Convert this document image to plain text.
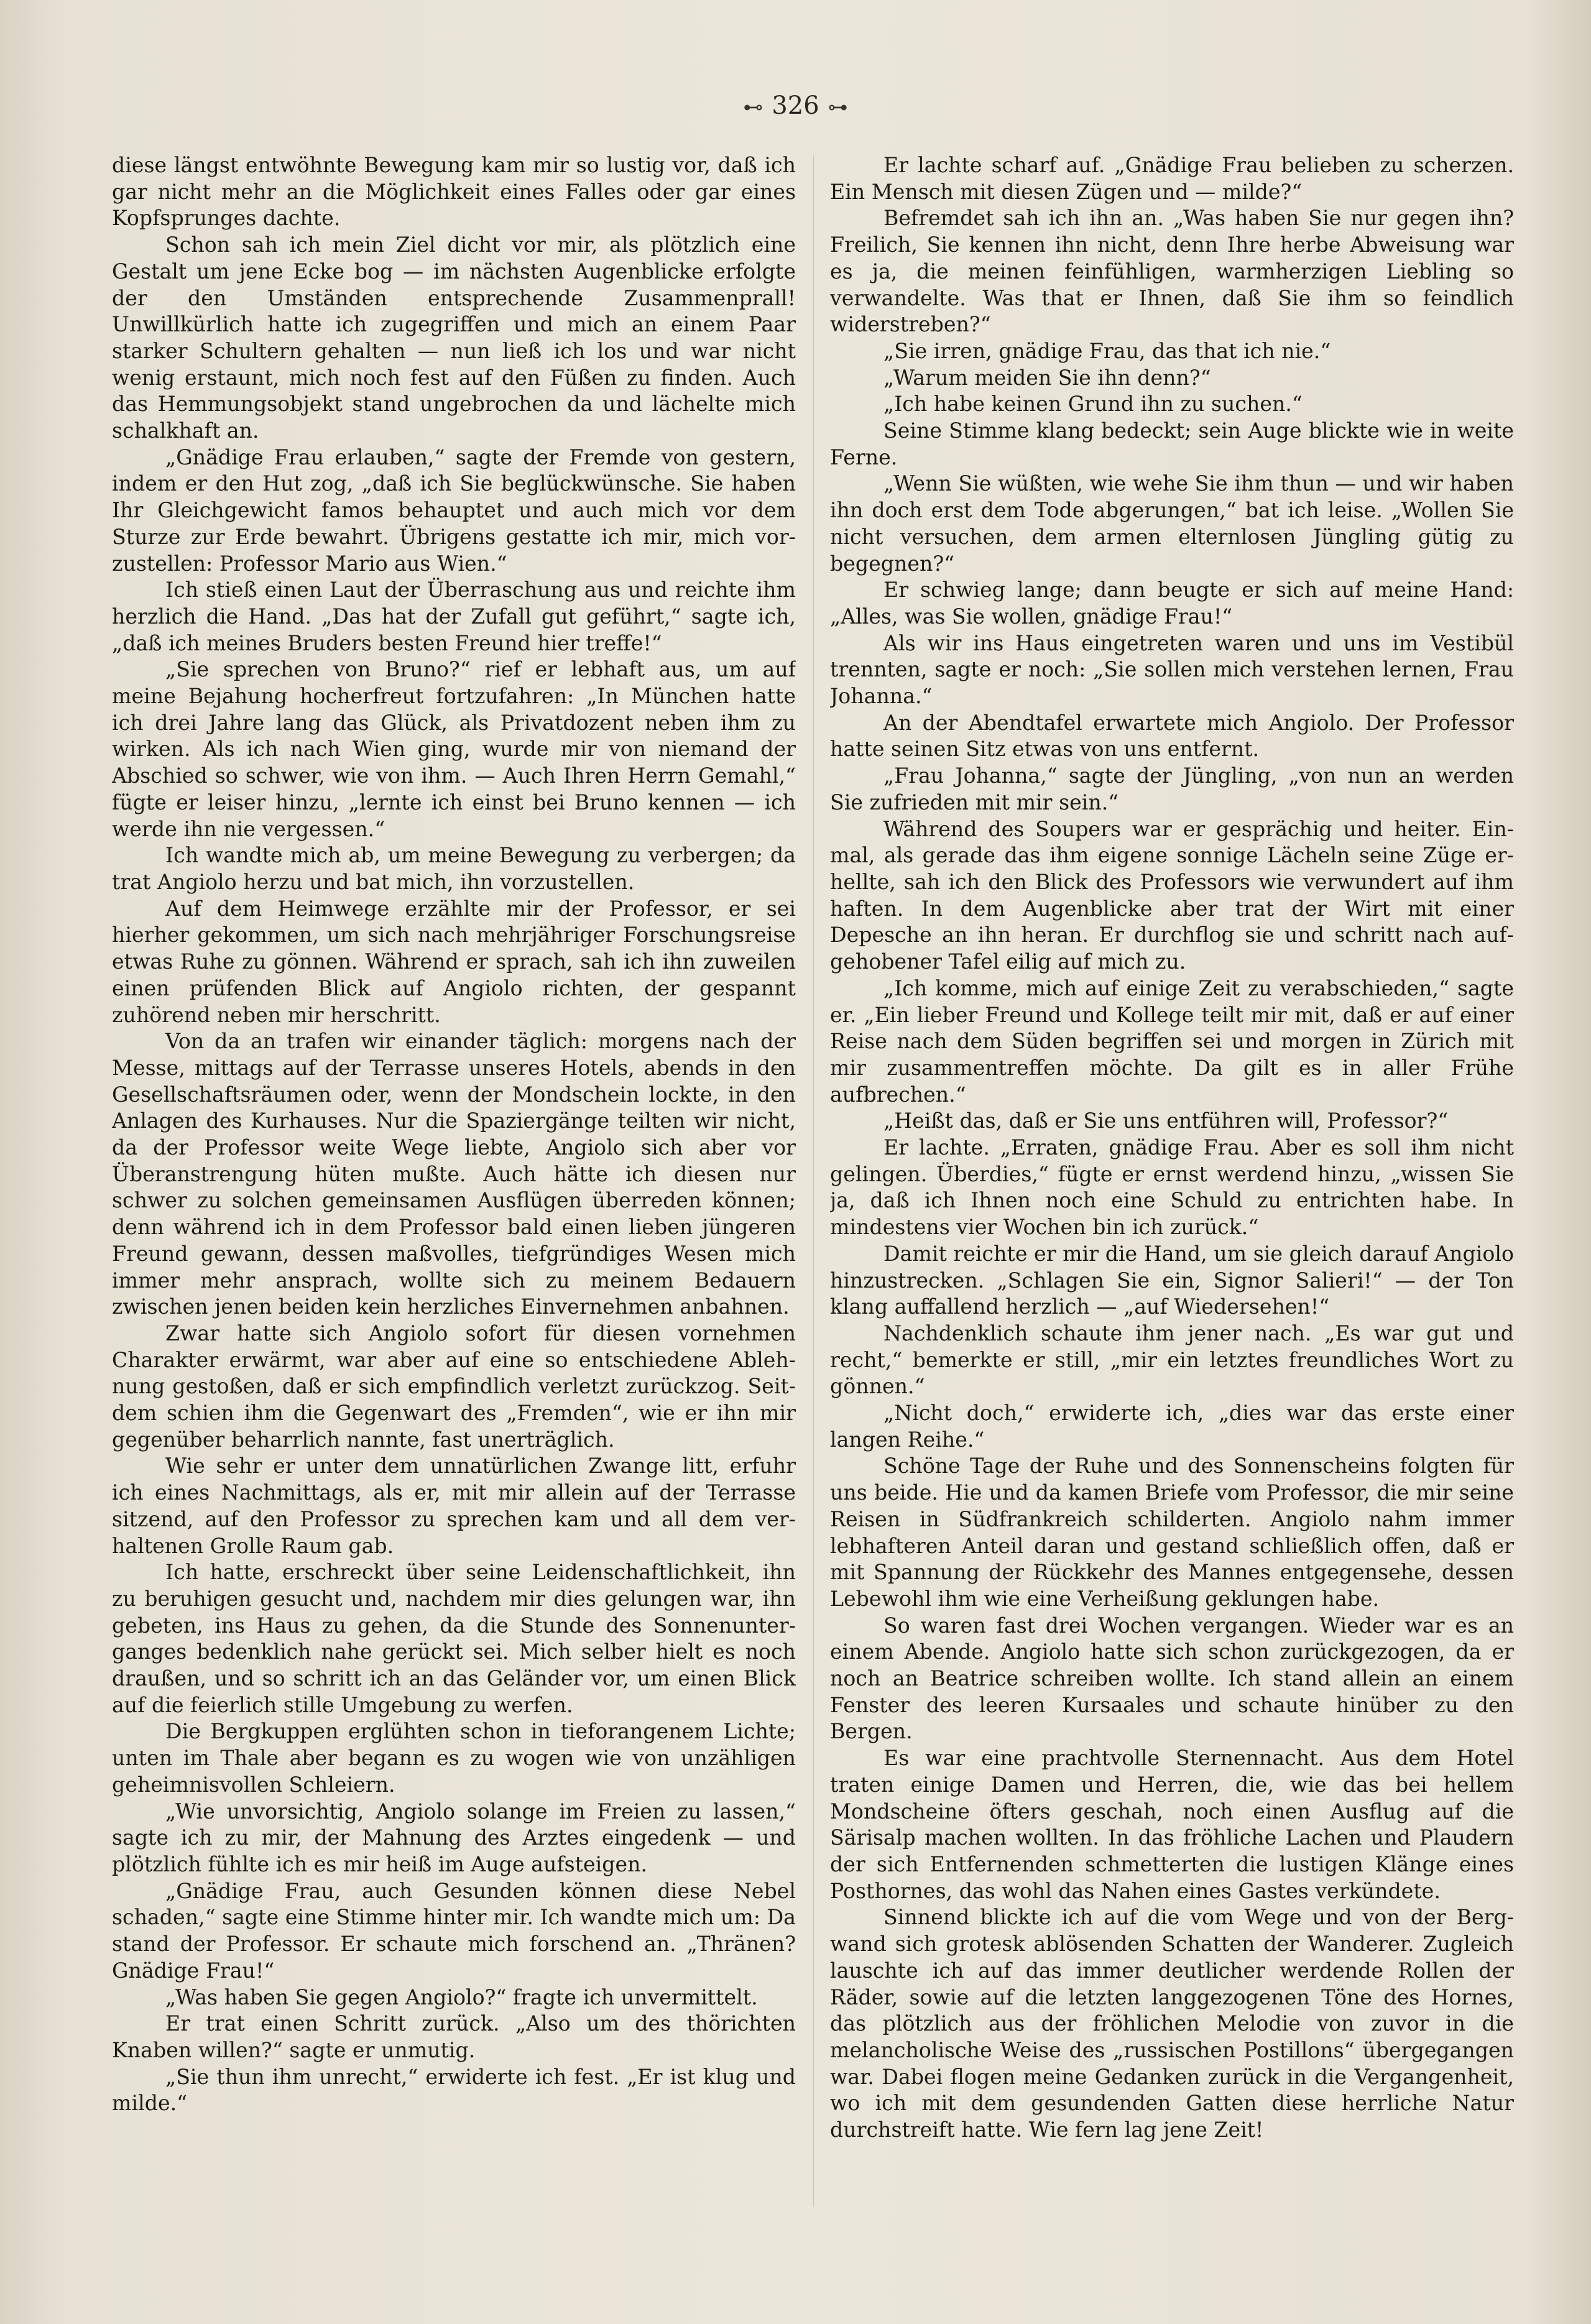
⊷ 326 ⊶

diese längst entwöhnte Bewegung kam mir so lustig vor, daß ich gar nicht mehr an die Möglichkeit eines Falles oder gar eines Kopfsprunges dachte.

Schon sah ich mein Ziel dicht vor mir, als plötzlich eine Gestalt um jene Ecke bog — im nächsten Augenblicke erfolgte der den Umständen entsprechende Zusammenprall! Unwillkürlich hatte ich zugegriffen und mich an einem Paar starker Schultern gehalten — nun ließ ich los und war nicht wenig erstaunt, mich noch fest auf den Füßen zu finden. Auch das Hemmungsobjekt stand ungebrochen da und lächelte mich schalkhaft an.

„Gnädige Frau erlauben,“ sagte der Fremde von gestern, indem er den Hut zog, „daß ich Sie beglückwünsche. Sie haben Ihr Gleichgewicht famos behauptet und auch mich vor dem Sturze zur Erde bewahrt. Übrigens gestatte ich mir, mich vorzustellen: Professor Mario aus Wien.“

Ich stieß einen Laut der Überraschung aus und reichte ihm herzlich die Hand. „Das hat der Zufall gut geführt,“ sagte ich, „daß ich meines Bruders besten Freund hier treffe!“

„Sie sprechen von Bruno?“ rief er lebhaft aus, um auf meine Bejahung hocherfreut fortzufahren: „In München hatte ich drei Jahre lang das Glück, als Privatdozent neben ihm zu wirken. Als ich nach Wien ging, wurde mir von niemand der Abschied so schwer, wie von ihm. — Auch Ihren Herrn Gemahl,“ fügte er leiser hinzu, „lernte ich einst bei Bruno kennen — ich werde ihn nie vergessen.“

Ich wandte mich ab, um meine Bewegung zu verbergen; da trat Angiolo herzu und bat mich, ihn vorzustellen.

Auf dem Heimwege erzählte mir der Professor, er sei hierher gekommen, um sich nach mehrjähriger Forschungsreise etwas Ruhe zu gönnen. Während er sprach, sah ich ihn zuweilen einen prüfenden Blick auf Angiolo richten, der gespannt zuhörend neben mir herschritt.

Von da an trafen wir einander täglich: morgens nach der Messe, mittags auf der Terrasse unseres Hotels, abends in den Gesellschaftsräumen oder, wenn der Mondschein lockte, in den Anlagen des Kurhauses. Nur die Spaziergänge teilten wir nicht, da der Professor weite Wege liebte, Angiolo sich aber vor Überanstrengung hüten mußte. Auch hätte ich diesen nur schwer zu solchen gemeinsamen Ausflügen überreden können; denn während ich in dem Professor bald einen lieben jüngeren Freund gewann, dessen maßvolles, tiefgründiges Wesen mich immer mehr ansprach, wollte sich zu meinem Bedauern zwischen jenen beiden kein herzliches Einvernehmen anbahnen.

Zwar hatte sich Angiolo sofort für diesen vornehmen Charakter erwärmt, war aber auf eine so entschiedene Ablehnung gestoßen, daß er sich empfindlich verletzt zurückzog. Seitdem schien ihm die Gegenwart des „Fremden“, wie er ihn mir gegenüber beharrlich nannte, fast unerträglich.

Wie sehr er unter dem unnatürlichen Zwange litt, erfuhr ich eines Nachmittags, als er, mit mir allein auf der Terrasse sitzend, auf den Professor zu sprechen kam und all dem verhaltenen Grolle Raum gab.

Ich hatte, erschreckt über seine Leidenschaftlichkeit, ihn zu beruhigen gesucht und, nachdem mir dies gelungen war, ihn gebeten, ins Haus zu gehen, da die Stunde des Sonnenunterganges bedenklich nahe gerückt sei. Mich selber hielt es noch draußen, und so schritt ich an das Geländer vor, um einen Blick auf die feierlich stille Umgebung zu werfen.

Die Bergkuppen erglühten schon in tieforangenem Lichte; unten im Thale aber begann es zu wogen wie von unzähligen geheimnisvollen Schleiern.

„Wie unvorsichtig, Angiolo solange im Freien zu lassen,“ sagte ich zu mir, der Mahnung des Arztes eingedenk — und plötzlich fühlte ich es mir heiß im Auge aufsteigen.

„Gnädige Frau, auch Gesunden können diese Nebel schaden,“ sagte eine Stimme hinter mir. Ich wandte mich um: Da stand der Professor. Er schaute mich forschend an. „Thränen? Gnädige Frau!“

„Was haben Sie gegen Angiolo?“ fragte ich unvermittelt.

Er trat einen Schritt zurück. „Also um des thörichten Knaben willen?“ sagte er unmutig.

„Sie thun ihm unrecht,“ erwiderte ich fest. „Er ist klug und milde.“

Er lachte scharf auf. „Gnädige Frau belieben zu scherzen. Ein Mensch mit diesen Zügen und — milde?“

Befremdet sah ich ihn an. „Was haben Sie nur gegen ihn? Freilich, Sie kennen ihn nicht, denn Ihre herbe Abweisung war es ja, die meinen feinfühligen, warmherzigen Liebling so verwandelte. Was that er Ihnen, daß Sie ihm so feindlich widerstreben?“

„Sie irren, gnädige Frau, das that ich nie.“

„Warum meiden Sie ihn denn?“

„Ich habe keinen Grund ihn zu suchen.“

Seine Stimme klang bedeckt; sein Auge blickte wie in weite Ferne.

„Wenn Sie wüßten, wie wehe Sie ihm thun — und wir haben ihn doch erst dem Tode abgerungen,“ bat ich leise. „Wollen Sie nicht versuchen, dem armen elternlosen Jüngling gütig zu begegnen?“

Er schwieg lange; dann beugte er sich auf meine Hand: „Alles, was Sie wollen, gnädige Frau!“

Als wir ins Haus eingetreten waren und uns im Vestibül trennten, sagte er noch: „Sie sollen mich verstehen lernen, Frau Johanna.“

An der Abendtafel erwartete mich Angiolo. Der Professor hatte seinen Sitz etwas von uns entfernt.

„Frau Johanna,“ sagte der Jüngling, „von nun an werden Sie zufrieden mit mir sein.“

Während des Soupers war er gesprächig und heiter. Einmal, als gerade das ihm eigene sonnige Lächeln seine Züge erhellte, sah ich den Blick des Professors wie verwundert auf ihm haften. In dem Augenblicke aber trat der Wirt mit einer Depesche an ihn heran. Er durchflog sie und schritt nach aufgehobener Tafel eilig auf mich zu.

„Ich komme, mich auf einige Zeit zu verabschieden,“ sagte er. „Ein lieber Freund und Kollege teilt mir mit, daß er auf einer Reise nach dem Süden begriffen sei und morgen in Zürich mit mir zusammentreffen möchte. Da gilt es in aller Frühe aufbrechen.“

„Heißt das, daß er Sie uns entführen will, Professor?“

Er lachte. „Erraten, gnädige Frau. Aber es soll ihm nicht gelingen. Überdies,“ fügte er ernst werdend hinzu, „wissen Sie ja, daß ich Ihnen noch eine Schuld zu entrichten habe. In mindestens vier Wochen bin ich zurück.“

Damit reichte er mir die Hand, um sie gleich darauf Angiolo hinzustrecken. „Schlagen Sie ein, Signor Salieri!“ — der Ton klang auffallend herzlich — „auf Wiedersehen!“

Nachdenklich schaute ihm jener nach. „Es war gut und recht,“ bemerkte er still, „mir ein letztes freundliches Wort zu gönnen.“

„Nicht doch,“ erwiderte ich, „dies war das erste einer langen Reihe.“

Schöne Tage der Ruhe und des Sonnenscheins folgten für uns beide. Hie und da kamen Briefe vom Professor, die mir seine Reisen in Südfrankreich schilderten. Angiolo nahm immer lebhafteren Anteil daran und gestand schließlich offen, daß er mit Spannung der Rückkehr des Mannes entgegensehe, dessen Lebewohl ihm wie eine Verheißung geklungen habe.

So waren fast drei Wochen vergangen. Wieder war es an einem Abende. Angiolo hatte sich schon zurückgezogen, da er noch an Beatrice schreiben wollte. Ich stand allein an einem Fenster des leeren Kursaales und schaute hinüber zu den Bergen.

Es war eine prachtvolle Sternennacht. Aus dem Hotel traten einige Damen und Herren, die, wie das bei hellem Mondscheine öfters geschah, noch einen Ausflug auf die Särisalp machen wollten. In das fröhliche Lachen und Plaudern der sich Entfernenden schmetterten die lustigen Klänge eines Posthornes, das wohl das Nahen eines Gastes verkündete.

Sinnend blickte ich auf die vom Wege und von der Bergwand sich grotesk ablösenden Schatten der Wanderer. Zugleich lauschte ich auf das immer deutlicher werdende Rollen der Räder, sowie auf die letzten langgezogenen Töne des Hornes, das plötzlich aus der fröhlichen Melodie von zuvor in die melancholische Weise des „russischen Postillons“ übergegangen war. Dabei flogen meine Gedanken zurück in die Vergangenheit, wo ich mit dem gesundenden Gatten diese herrliche Natur durchstreift hatte. Wie fern lag jene Zeit!
